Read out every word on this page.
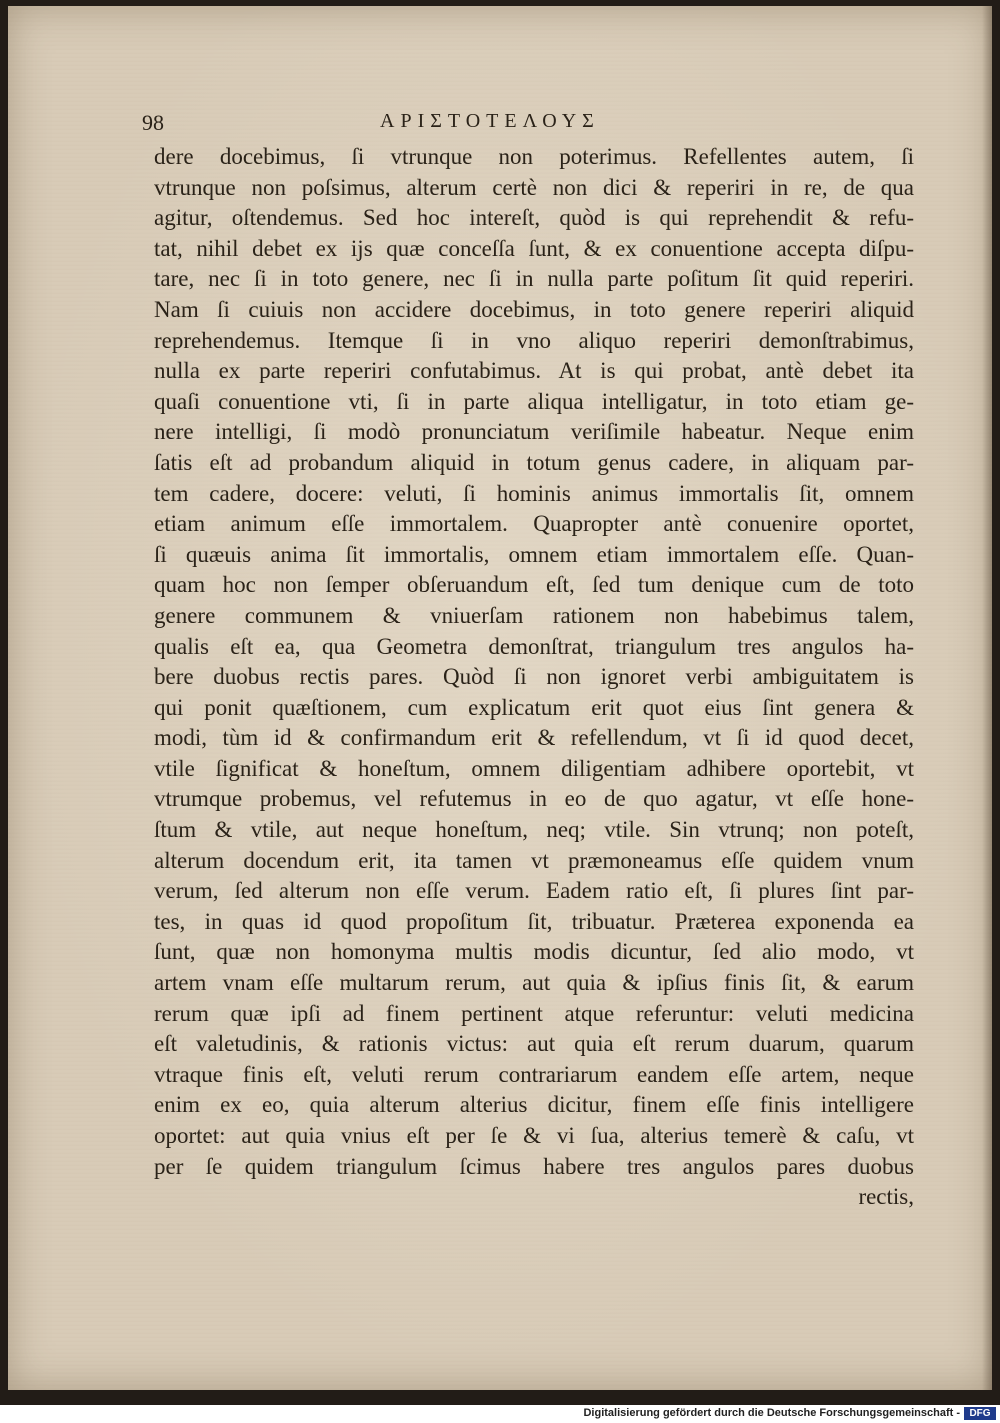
98	ΑΡΙΣΤΟΤΕΛΟΥΣ
dere docebimus, ſi vtrunque non poterimus. Refellentes autem, ſi
vtrunque non poſsimus, alterum certè non dici & reperiri in re, de qua
agitur, oſtendemus. Sed hoc intereſt, quòd is qui reprehendit & refu-
tat, nihil debet ex ijs quæ conceſſa ſunt, & ex conuentione accepta diſpu-
tare, nec ſi in toto genere, nec ſi in nulla parte poſitum ſit quid reperiri.
Nam ſi cuiuis non accidere docebimus, in toto genere reperiri aliquid
reprehendemus. Itemque ſi in vno aliquo reperiri demonſtrabimus,
nulla ex parte reperiri confutabimus. At is qui probat, antè debet ita
quaſi conuentione vti, ſi in parte aliqua intelligatur, in toto etiam ge-
nere intelligi, ſi modò pronunciatum veriſimile habeatur. Neque enim
ſatis eſt ad probandum aliquid in totum genus cadere, in aliquam par-
tem cadere, docere: veluti, ſi hominis animus immortalis ſit, omnem
etiam animum eſſe immortalem. Quapropter antè conuenire oportet,
ſi quæuis anima ſit immortalis, omnem etiam immortalem eſſe. Quan-
quam hoc non ſemper obſeruandum eſt, ſed tum denique cum de toto
genere communem & vniuerſam rationem non habebimus talem,
qualis eſt ea, qua Geometra demonſtrat, triangulum tres angulos ha-
bere duobus rectis pares. Quòd ſi non ignoret verbi ambiguitatem is
qui ponit quæſtionem, cum explicatum erit quot eius ſint genera &
modi, tùm id & confirmandum erit & refellendum, vt ſi id quod decet,
vtile ſignificat & honeſtum, omnem diligentiam adhibere oportebit, vt
vtrumque probemus, vel refutemus in eo de quo agatur, vt eſſe hone-
ſtum & vtile, aut neque honeſtum, neq; vtile. Sin vtrunq; non poteſt,
alterum docendum erit, ita tamen vt præmoneamus eſſe quidem vnum
verum, ſed alterum non eſſe verum. Eadem ratio eſt, ſi plures ſint par-
tes, in quas id quod propoſitum ſit, tribuatur. Præterea exponenda ea
ſunt, quæ non homonyma multis modis dicuntur, ſed alio modo, vt
artem vnam eſſe multarum rerum, aut quia & ipſius finis ſit, & earum
rerum quæ ipſi ad finem pertinent atque referuntur: veluti medicina
eſt valetudinis, & rationis victus: aut quia eſt rerum duarum, quarum
vtraque finis eſt, veluti rerum contrariarum eandem eſſe artem, neque
enim ex eo, quia alterum alterius dicitur, finem eſſe finis intelligere
oportet: aut quia vnius eſt per ſe & vi ſua, alterius temerè & caſu, vt
per ſe quidem triangulum ſcimus habere tres angulos pares duobus
rectis,
Digitalisierung gefördert durch die Deutsche Forschungsgemeinschaft - DFG
